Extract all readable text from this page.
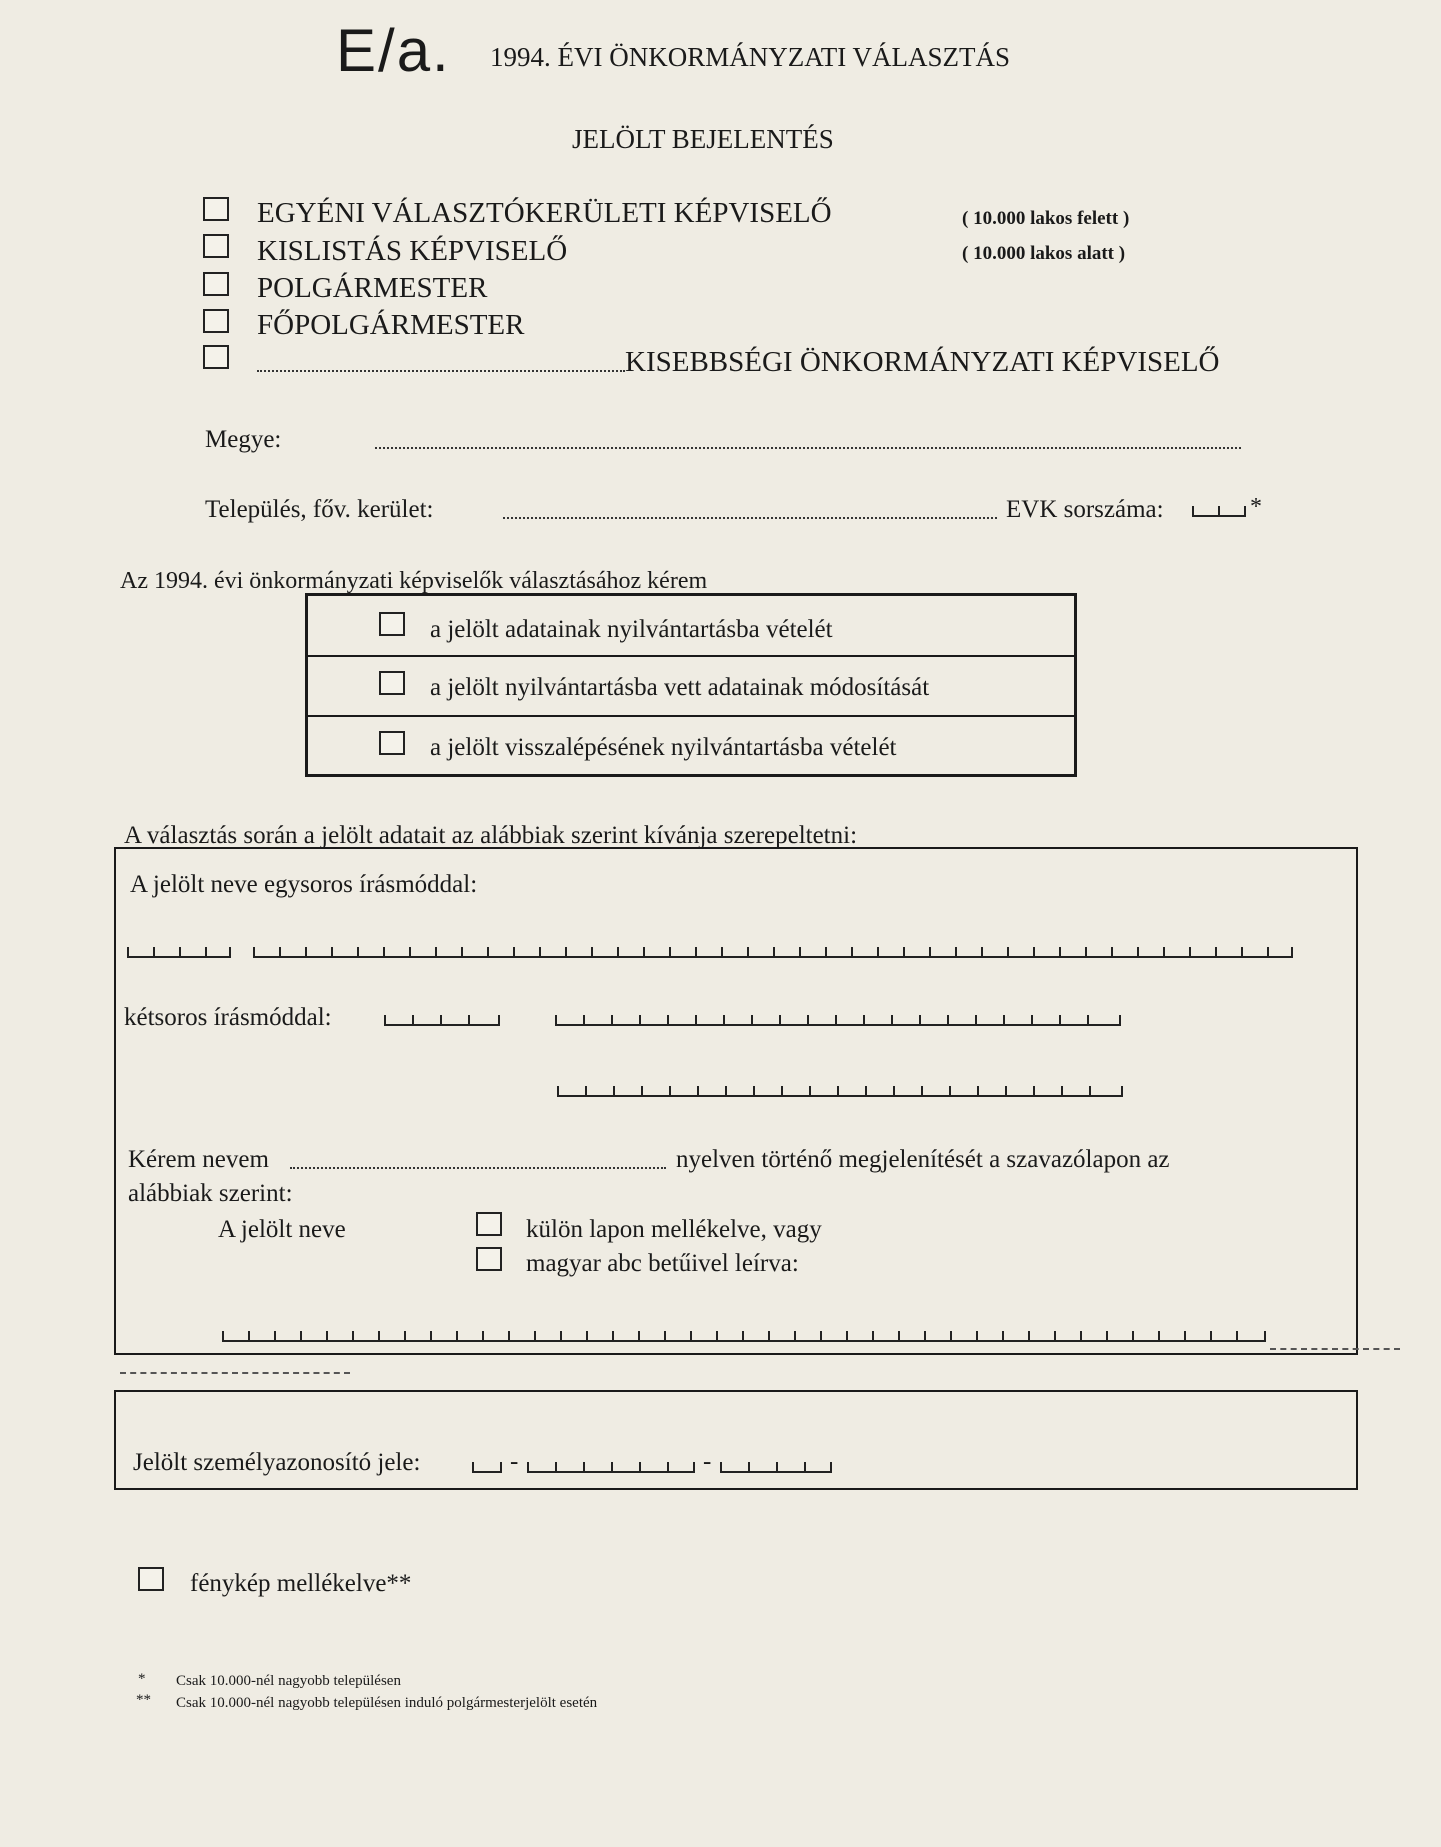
E/a. 1994. ÉVI ÖNKORMÁNYZATI VÁLASZTÁS
JELÖLT BEJELENTÉS
EGYÉNI VÁLASZTÓKERÜLETI KÉPVISELŐ	( 10.000 lakos felett )
KISLISTÁS KÉPVISELŐ	( 10.000 lakos alatt )
POLGÁRMESTER
FŐPOLGÁRMESTER
KISEBBSÉGI ÖNKORMÁNYZATI KÉPVISELŐ
Megye:
Település, főv. kerület:	EVK sorszáma:	*
Az 1994. évi önkormányzati képviselők választásához kérem
a jelölt adatainak nyilvántartásba vételét
a jelölt nyilvántartásba vett adatainak módosítását
a jelölt visszalépésének nyilvántartásba vételét
A választás során a jelölt adatait az alábbiak szerint kívánja szerepeltetni:
A jelölt neve egysoros írásmóddal:
kétsoros írásmóddal:
Kérem nevem	nyelven történő megjelenítését a szavazólapon az
alábbiak szerint:
A jelölt neve	külön lapon mellékelve, vagy
magyar abc betűivel leírva:
Jelölt személyazonosító jele:	-	-
fénykép mellékelve**
* Csak 10.000-nél nagyobb településen
** Csak 10.000-nél nagyobb településen induló polgármesterjelölt esetén
